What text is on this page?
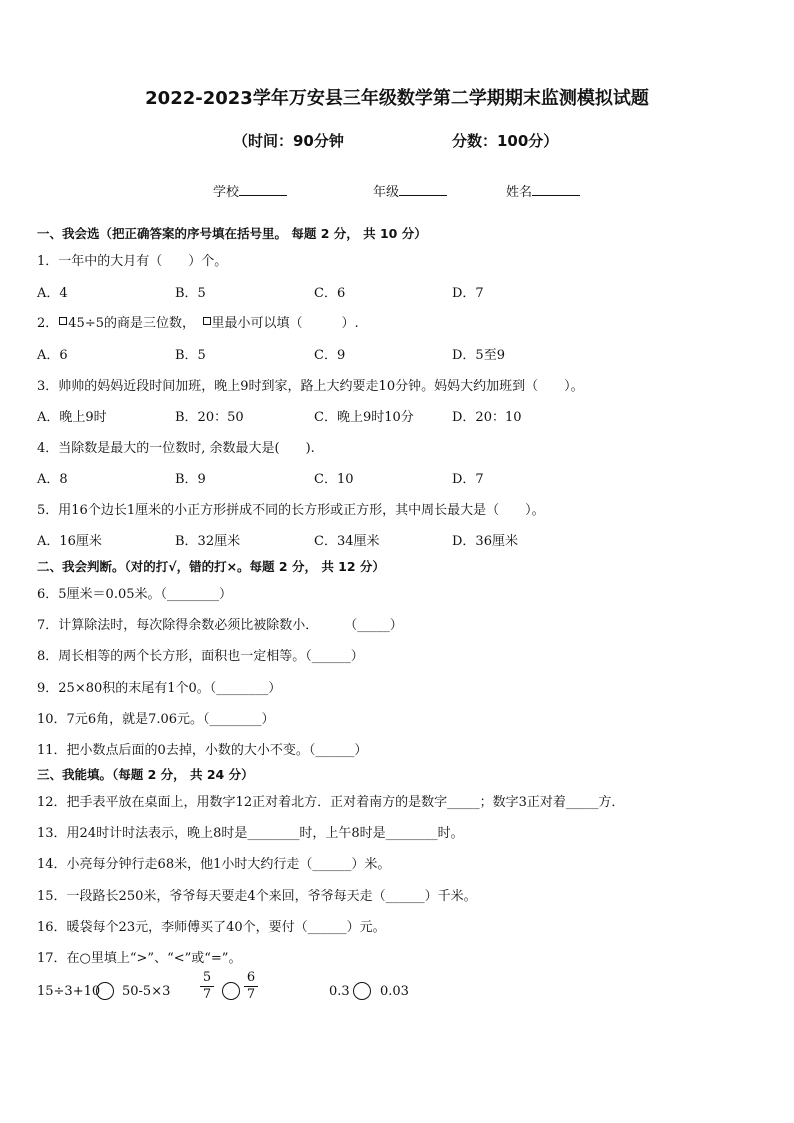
2022-2023学年万安县三年级数学第二学期期末监测模拟试题
（时间：90分钟	分数：100分）
学校	年级	姓名
一、我会选（把正确答案的序号填在括号里。 每题 2 分， 共 10 分）
1．一年中的大月有（　　）个。
A．4	B．5	C．6	D．7
2． 45÷5的商是三位数，　 里最小可以填（　　　）.
A．6	B．5	C．9	D．5至9
3．帅帅的妈妈近段时间加班，晚上9时到家，路上大约要走10分钟。妈妈大约加班到（　　）。
A．晚上9时	B．20：50	C．晚上9时10分	D．20：10
4．当除数是最大的一位数时, 余数最大是(　　).
A．8	B．9	C．10	D．7
5．用16个边长1厘米的小正方形拼成不同的长方形或正方形，其中周长最大是（　　）。
A．16厘米	B．32厘米	C．34厘米	D．36厘米
二、我会判断。（对的打√，错的打×。每题 2 分， 共 12 分）
6．5厘米＝0.05米。（________）
7．计算除法时，每次除得余数必须比被除数小．　　　（_____）
8．周长相等的两个长方形，面积也一定相等。（______）
9．25×80积的末尾有1个0。（________）
10．7元6角，就是7.06元。（________）
11．把小数点后面的0去掉，小数的大小不变。（______）
三、我能填。（每题 2 分， 共 24 分）
12．把手表平放在桌面上，用数字12正对着北方．正对着南方的是数字_____；数字3正对着_____方．
13．用24时计时法表示，晚上8时是________时，上午8时是________时。
14．小亮每分钟行走68米，他1小时大约行走（______）米。
15．一段路长250米，爷爷每天要走4个来回，爷爷每天走（______）千米。
16．暖袋每个23元，李师傅买了40个，要付（______）元。
17．在○里填上“>”、“<”或“=”。
15÷3+10 $50-5\times 3 \frac{5}{7} \frac{6}{7}$	0.3 0.03
